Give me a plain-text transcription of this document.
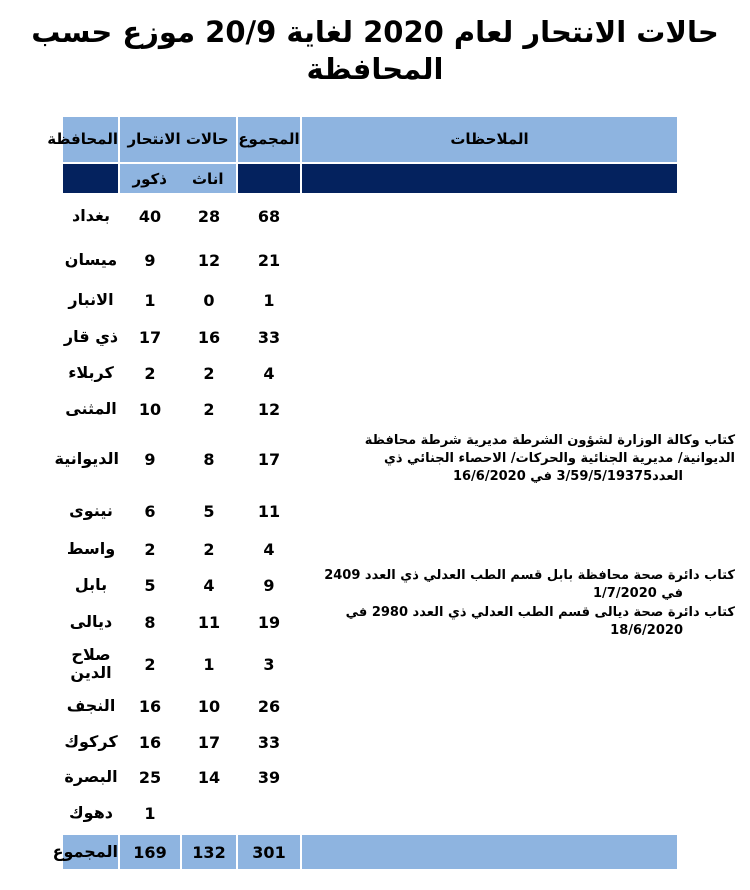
حالات الانتحار لعام 2020 لغاية 20/9 موزع حسب
المحافظة
المحافظة	حالات الانتحار		المجموع	الملاحظات

	ذكور اناث			

بغداد	40	28	68	

ميسان	9	12	21	

الانبار	1	0	1	

ذي قار	17	16	33	

كربلاء	2	2	4	

المثنى	10	2	12	

الديوانية	9	8	17	كتاب وكالة الوزارة لشؤون الشرطة مديرية شرطة محافظة
الديوانية/ مديرية الجنائية والحركات/ الاحصاء الجنائي ذي
العدد3/59/5/19375 في 16/6/2020

نينوى	6	5	11	

واسط	2	2	4	

بابل	5	4	9	كتاب دائرة صحة محافظة بابل قسم الطب العدلي ذي العدد 2409
في 1/7/2020

ديالى	8	11	19	كتاب دائرة صحة ديالى قسم الطب العدلي ذي العدد 2980 في
18/6/2020

صلاح الدين	2	1	3	

النجف	16	10	26	

كركوك	16	17	33	

البصرة	25	14	39	

دهوك	1			

المجموع	169	132	301	
